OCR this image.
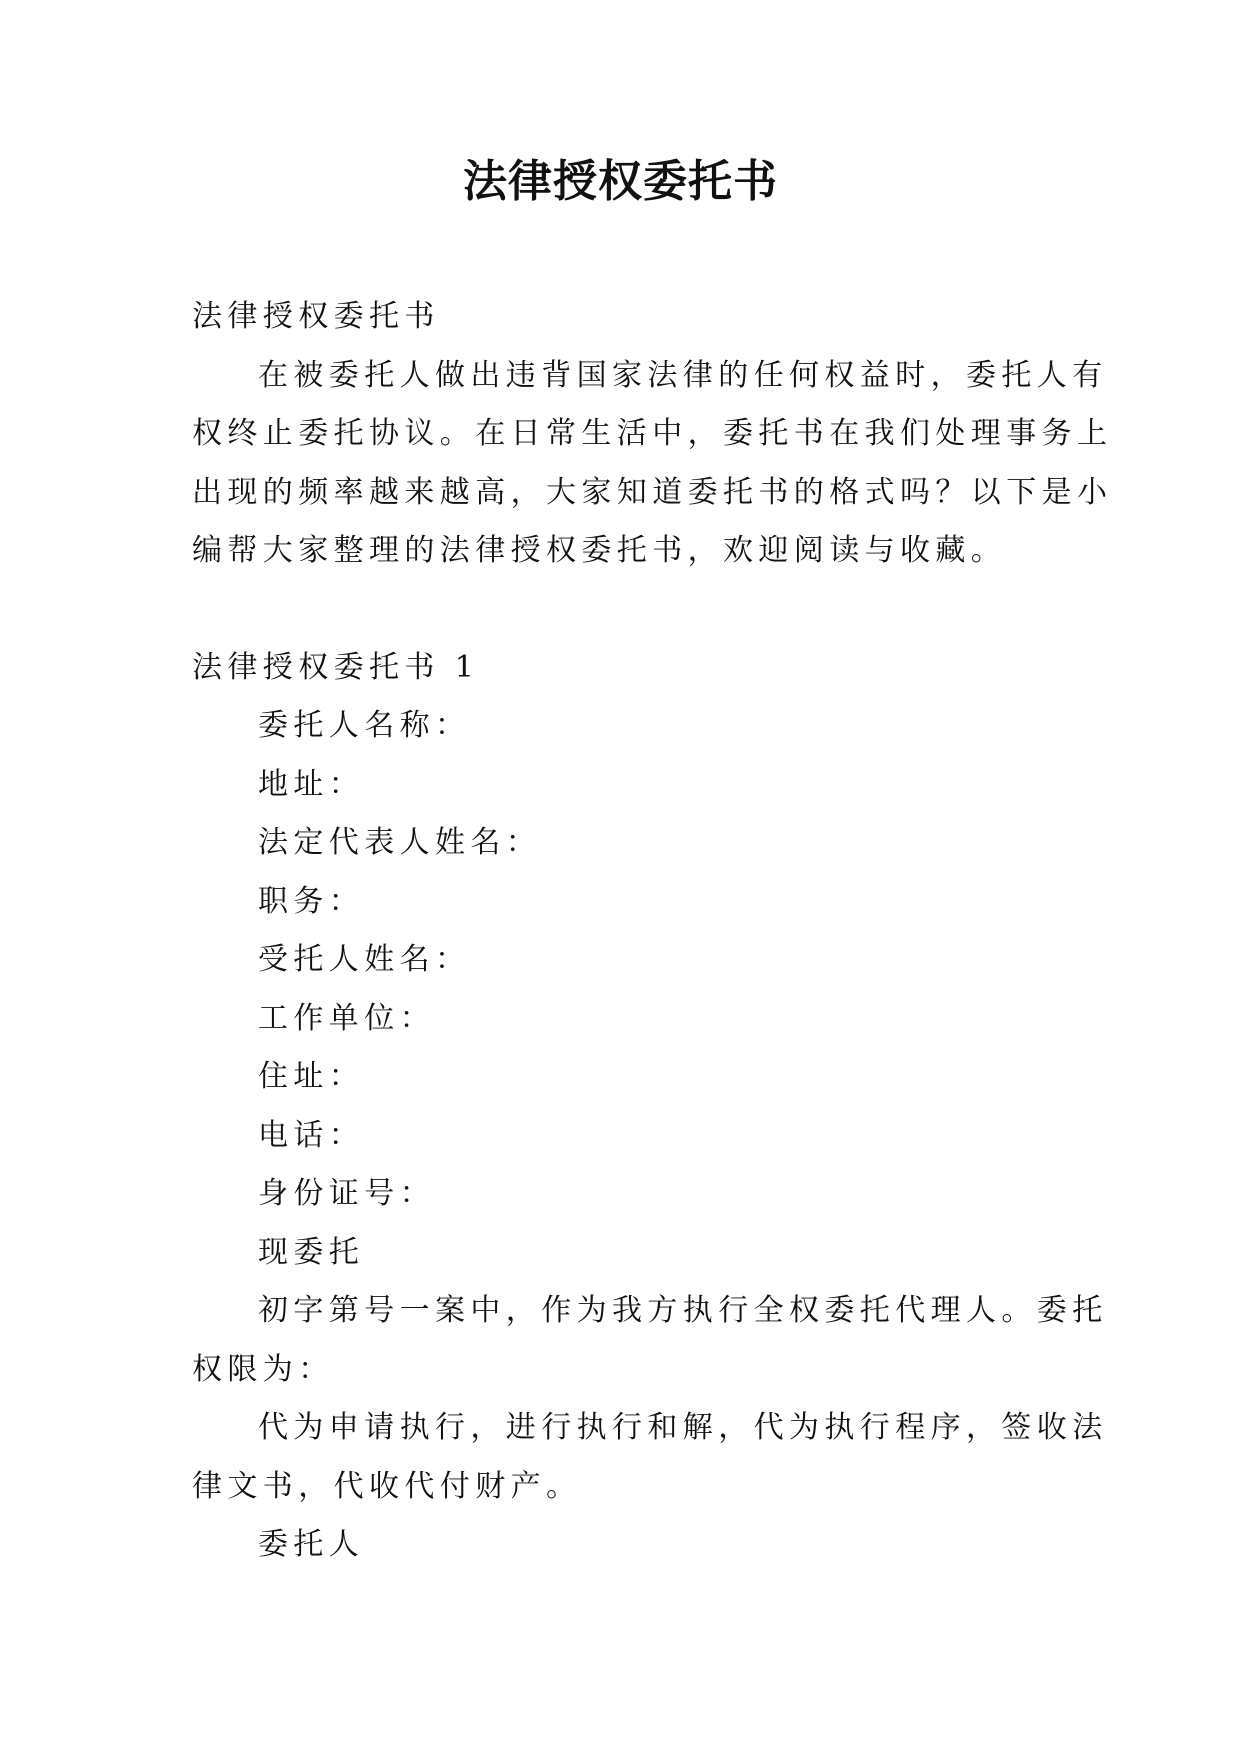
法律授权委托书

法律授权委托书

在被委托人做出违背国家法律的任何权益时，委托人有

权终止委托协议。在日常生活中，委托书在我们处理事务上

出现的频率越来越高，大家知道委托书的格式吗？以下是小

编帮大家整理的法律授权委托书，欢迎阅读与收藏。

法律授权委托书 1

委托人名称：

地址：

法定代表人姓名：

职务：

受托人姓名：

工作单位：

住址：

电话：

身份证号：

现委托

初字第号一案中，作为我方执行全权委托代理人。委托

权限为：

代为申请执行，进行执行和解，代为执行程序，签收法

律文书，代收代付财产。

委托人
